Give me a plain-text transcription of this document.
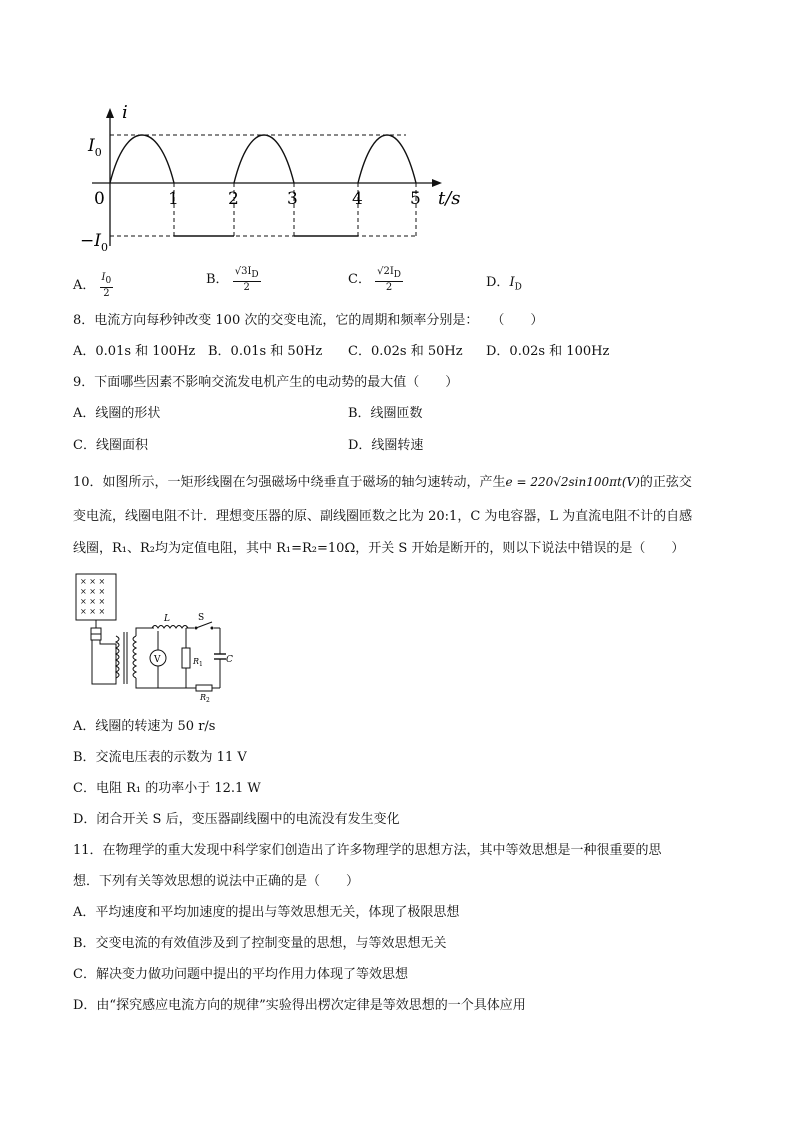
i
$I_0$
$-I_0$
0	1	2	3	4	5 t/s
A． $\frac{I_0}{2}$	B． $\frac{√3I_D}{2}$	C． $\frac{√2I_D}{2}$	D．$I_D$
8．电流方向每秒钟改变 100 次的交变电流，它的周期和频率分别是：　　（　　）
A．0.01s 和 100Hz B．0.01s 和 50Hz C．0.02s 和 50Hz D．0.02s 和 100Hz
9．下面哪些因素不影响交流发电机产生的电动势的最大值（　　）
A．线圈的形状	B．线圈匝数
C．线圈面积	D．线圈转速
10．如图所示，一矩形线圈在匀强磁场中绕垂直于磁场的轴匀速转动，产生e = 220√2sin100πt(V)的正弦交
变电流，线圈电阻不计．理想变压器的原、副线圈匝数之比为 20:1，C 为电容器，L 为直流电阻不计的自感
线圈，R₁、R₂均为定值电阻，其中 R₁=R₂=10Ω，开关 S 开始是断开的，则以下说法中错误的是（　　）
× × ×
× × ×
× × ×
× × ×
V
L
$R_1$
S
C
$R_2$
A．线圈的转速为 50 r/s
B．交流电压表的示数为 11 V
C．电阻 R₁ 的功率小于 12.1 W
D．闭合开关 S 后，变压器副线圈中的电流没有发生变化
11．在物理学的重大发现中科学家们创造出了许多物理学的思想方法，其中等效思想是一种很重要的思
想．下列有关等效思想的说法中正确的是（　　）
A．平均速度和平均加速度的提出与等效思想无关，体现了极限思想
B．交变电流的有效值涉及到了控制变量的思想，与等效思想无关
C．解决变力做功问题中提出的平均作用力体现了等效思想
D．由“探究感应电流方向的规律”实验得出楞次定律是等效思想的一个具体应用
